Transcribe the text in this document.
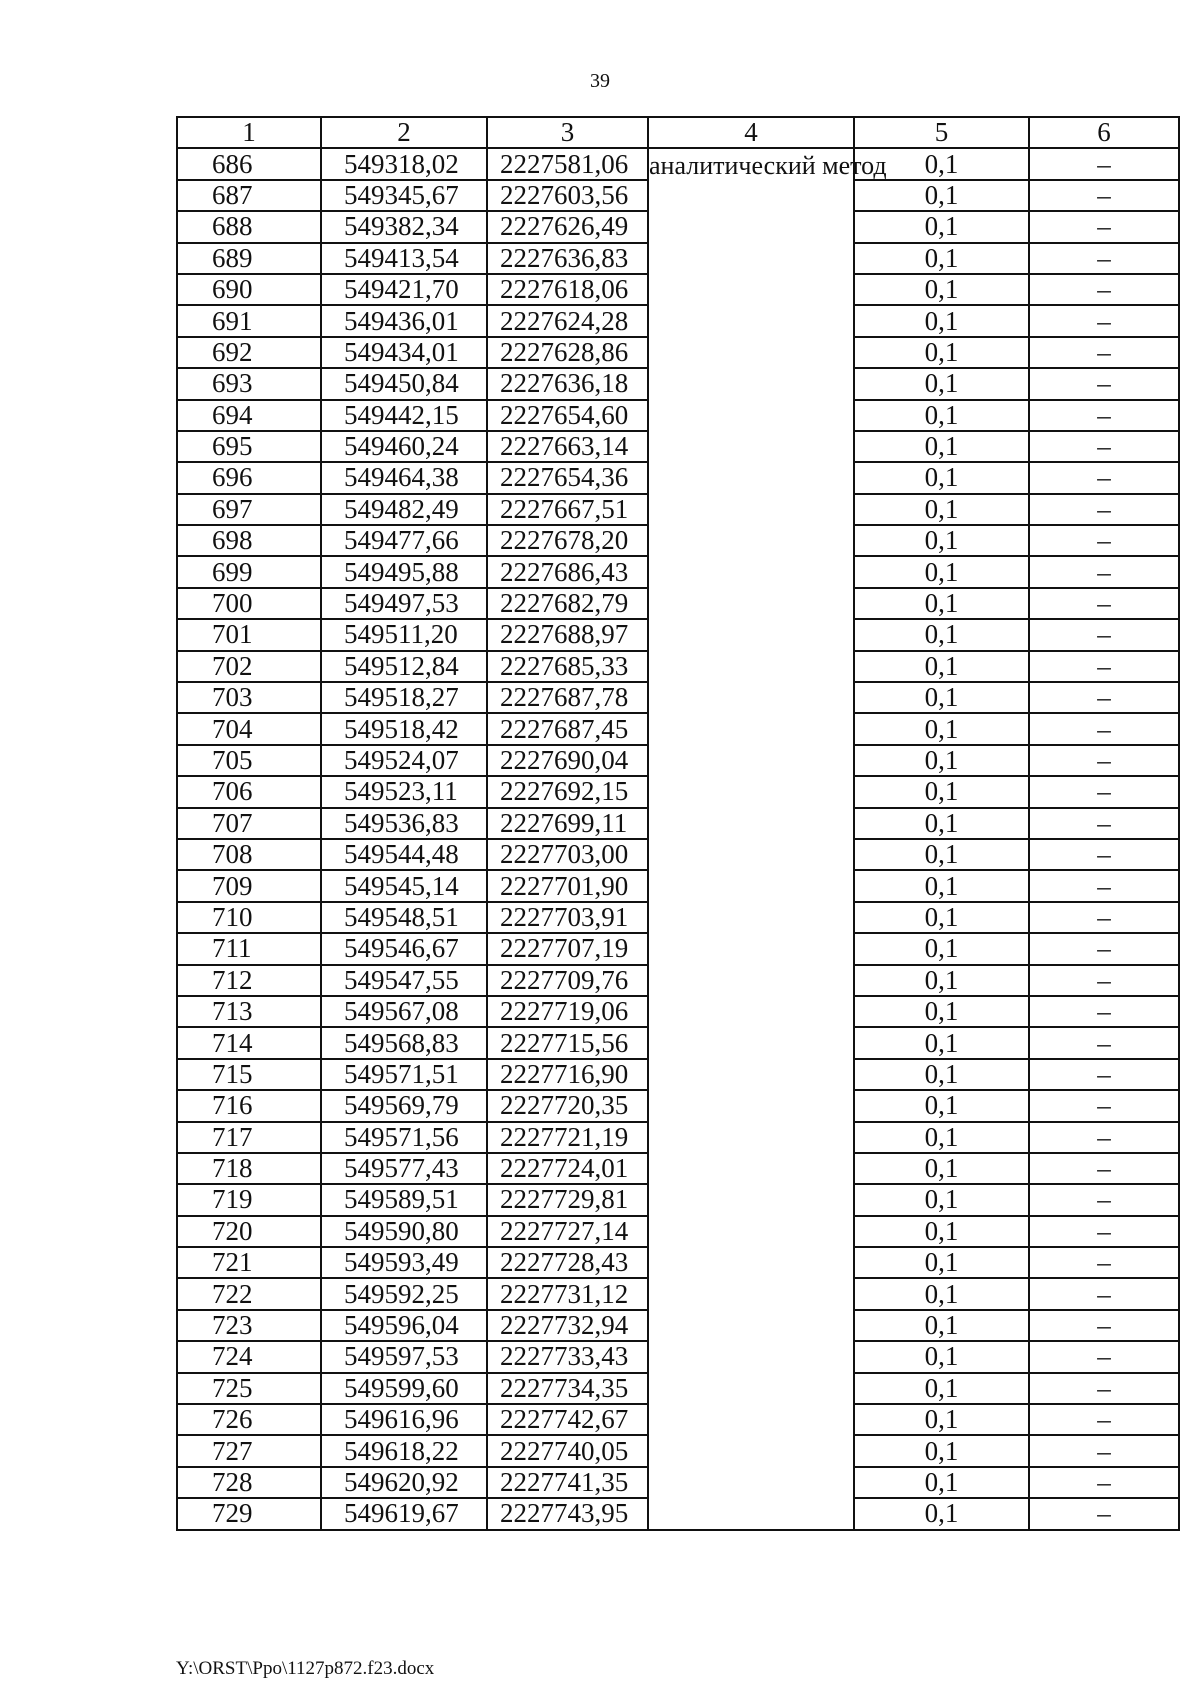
39
1	2	3	4	5	6
686	549318,02	2227581,06	аналитический метод	0,1	–
687	549345,67	2227603,56		0,1	–
688	549382,34	2227626,49		0,1	–
689	549413,54	2227636,83		0,1	–
690	549421,70	2227618,06		0,1	–
691	549436,01	2227624,28		0,1	–
692	549434,01	2227628,86		0,1	–
693	549450,84	2227636,18		0,1	–
694	549442,15	2227654,60		0,1	–
695	549460,24	2227663,14		0,1	–
696	549464,38	2227654,36		0,1	–
697	549482,49	2227667,51		0,1	–
698	549477,66	2227678,20		0,1	–
699	549495,88	2227686,43		0,1	–
700	549497,53	2227682,79		0,1	–
701	549511,20	2227688,97		0,1	–
702	549512,84	2227685,33		0,1	–
703	549518,27	2227687,78		0,1	–
704	549518,42	2227687,45		0,1	–
705	549524,07	2227690,04		0,1	–
706	549523,11	2227692,15		0,1	–
707	549536,83	2227699,11		0,1	–
708	549544,48	2227703,00		0,1	–
709	549545,14	2227701,90		0,1	–
710	549548,51	2227703,91		0,1	–
711	549546,67	2227707,19		0,1	–
712	549547,55	2227709,76		0,1	–
713	549567,08	2227719,06		0,1	–
714	549568,83	2227715,56		0,1	–
715	549571,51	2227716,90		0,1	–
716	549569,79	2227720,35		0,1	–
717	549571,56	2227721,19		0,1	–
718	549577,43	2227724,01		0,1	–
719	549589,51	2227729,81		0,1	–
720	549590,80	2227727,14		0,1	–
721	549593,49	2227728,43		0,1	–
722	549592,25	2227731,12		0,1	–
723	549596,04	2227732,94		0,1	–
724	549597,53	2227733,43		0,1	–
725	549599,60	2227734,35		0,1	–
726	549616,96	2227742,67		0,1	–
727	549618,22	2227740,05		0,1	–
728	549620,92	2227741,35		0,1	–
729	549619,67	2227743,95		0,1	–
Y:\ORST\Ppo\1127p872.f23.docx
